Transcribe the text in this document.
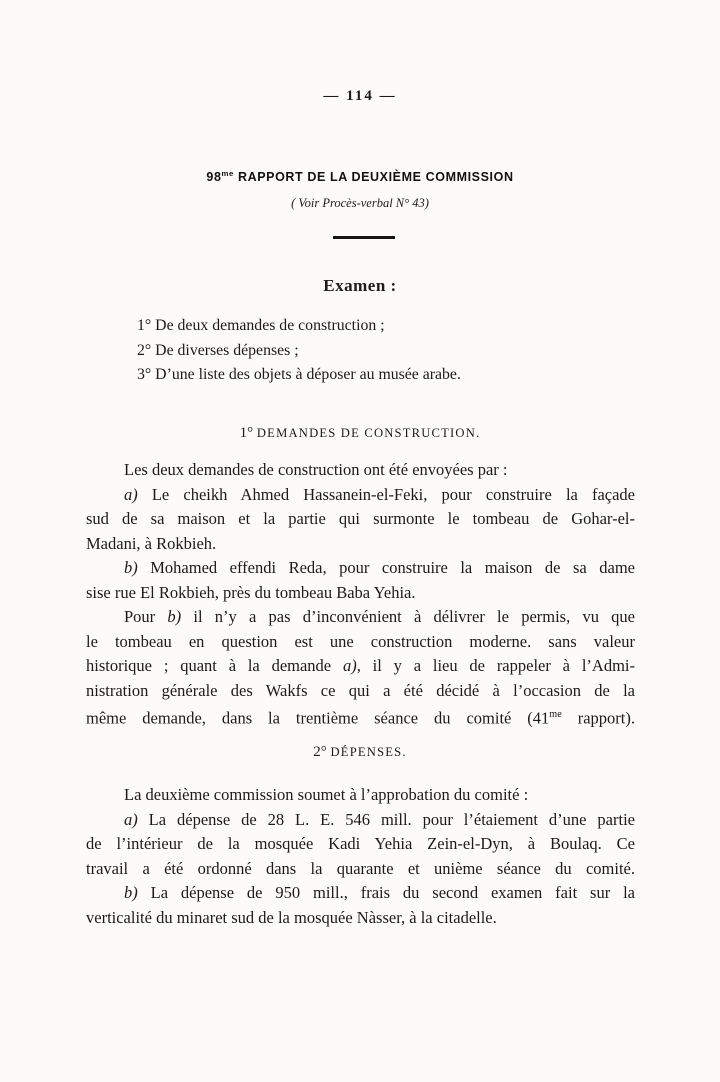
— 114 —
$98^{me}$ RAPPORT DE LA DEUXIÈME COMMISSION
( Voir Procès-verbal N° 43)
Examen :
1° De deux demandes de construction ;
2° De diverses dépenses ;
3° D’une liste des objets à déposer au musée arabe.
1° DEMANDES DE CONSTRUCTION.
Les deux demandes de construction ont été envoyées par :
a) Le cheikh Ahmed Hassanein-el-Feki, pour construire la façade
sud de sa maison et la partie qui surmonte le tombeau de Gohar-el-
Madani, à Rokbieh.
b) Mohamed effendi Reda, pour construire la maison de sa dame
sise rue El Rokbieh, près du tombeau Baba Yehia.
Pour b) il n’y a pas d’inconvénient à délivrer le permis, vu que
le tombeau en question est une construction moderne. sans valeur
historique ; quant à la demande a), il y a lieu de rappeler à l’Admi-
nistration générale des Wakfs ce qui a été décidé à l’occasion de la
même demande, dans la trentième séance du comité ($41^{me}$ rapport).
2° DÉPENSES.
La deuxième commission soumet à l’approbation du comité :
a) La dépense de 28 L. E. 546 mill. pour l’étaiement d’une partie
de l’intérieur de la mosquée Kadi Yehia Zein-el-Dyn, à Boulaq. Ce
travail a été ordonné dans la quarante et unième séance du comité.
b) La dépense de 950 mill., frais du second examen fait sur la
verticalité du minaret sud de la mosquée Nàsser, à la citadelle.
